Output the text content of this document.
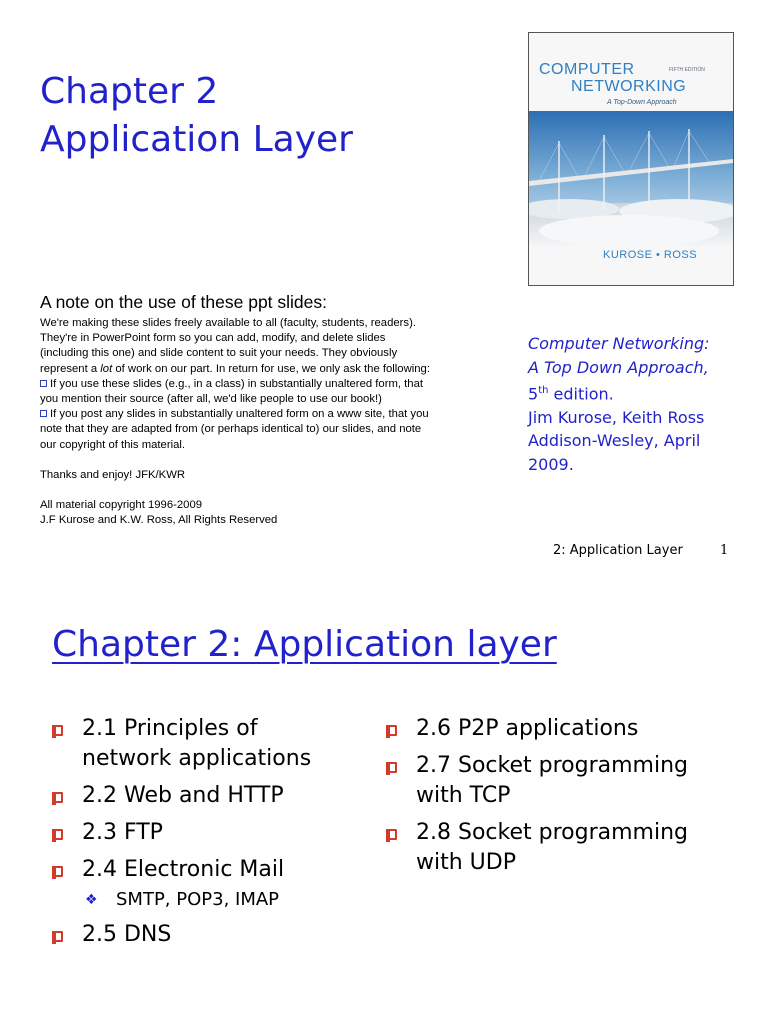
Chapter 2
Application Layer
COMPUTER
NETWORKING
FIFTH EDITION
A Top-Down Approach
KUROSE • ROSS
A note on the use of these ppt slides:
We're making these slides freely available to all (faculty, students, readers).
They're in PowerPoint form so you can add, modify, and delete slides
(including this one) and slide content to suit your needs. They obviously
represent a lot of work on our part. In return for use, we only ask the following:
If you use these slides (e.g., in a class) in substantially unaltered form, that
you mention their source (after all, we'd like people to use our book!)
If you post any slides in substantially unaltered form on a www site, that you
note that they are adapted from (or perhaps identical to) our slides, and note
our copyright of this material.
Thanks and enjoy! JFK/KWR
All material copyright 1996-2009
J.F Kurose and K.W. Ross, All Rights Reserved
Computer Networking:
A Top Down Approach,
5th edition.
Jim Kurose, Keith Ross
Addison-Wesley, April
2009.
2: Application Layer	1
Chapter 2: Application layer
2.1 Principles of
network applications
2.2 Web and HTTP
2.3 FTP
2.4 Electronic Mail
❖ SMTP, POP3, IMAP
2.5 DNS
2.6 P2P applications
2.7 Socket programming
with TCP
2.8 Socket programming
with UDP
